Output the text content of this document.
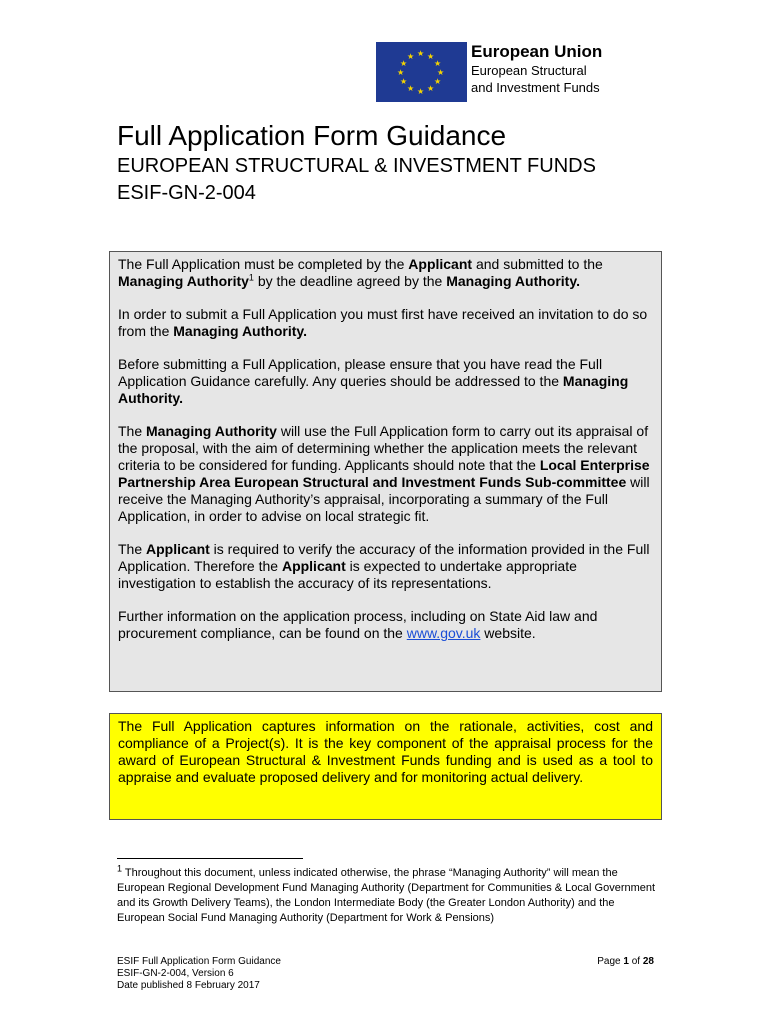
★ ★
★
★
★
★
★
★
★
★
★
★	European Union
European Structural
and Investment Funds
Full Application Form Guidance
EUROPEAN STRUCTURAL & INVESTMENT FUNDS
ESIF-GN-2-004

The Full Application must be completed by the Applicant and submitted to the Managing Authority$^1$ by the deadline agreed by the Managing Authority.

In order to submit a Full Application you must first have received an invitation to do so from the Managing Authority.

Before submitting a Full Application, please ensure that you have read the Full Application Guidance carefully. Any queries should be addressed to the Managing Authority.

The Managing Authority will use the Full Application form to carry out its appraisal of the proposal, with the aim of determining whether the application meets the relevant criteria to be considered for funding. Applicants should note that the Local Enterprise Partnership Area European Structural and Investment Funds Sub-committee will receive the Managing Authority’s appraisal, incorporating a summary of the Full Application, in order to advise on local strategic fit.

The Applicant is required to verify the accuracy of the information provided in the Full Application. Therefore the Applicant is expected to undertake appropriate investigation to establish the accuracy of its representations.

Further information on the application process, including on State Aid law and procurement compliance, can be found on the www.gov.uk website.

The Full Application captures information on the rationale, activities, cost and compliance of a Project(s). It is the key component of the appraisal process for the award of European Structural & Investment Funds funding and is used as a tool to appraise and evaluate proposed delivery and for monitoring actual delivery.

$^1$ Throughout this document, unless indicated otherwise, the phrase “Managing Authority” will mean the European Regional Development Fund Managing Authority (Department for Communities & Local Government and its Growth Delivery Teams), the London Intermediate Body (the Greater London Authority) and the European Social Fund Managing Authority (Department for Work & Pensions)
ESIF Full Application Form Guidance
ESIF-GN-2-004, Version 6
Date published 8 February 2017
Page 1 of 28
